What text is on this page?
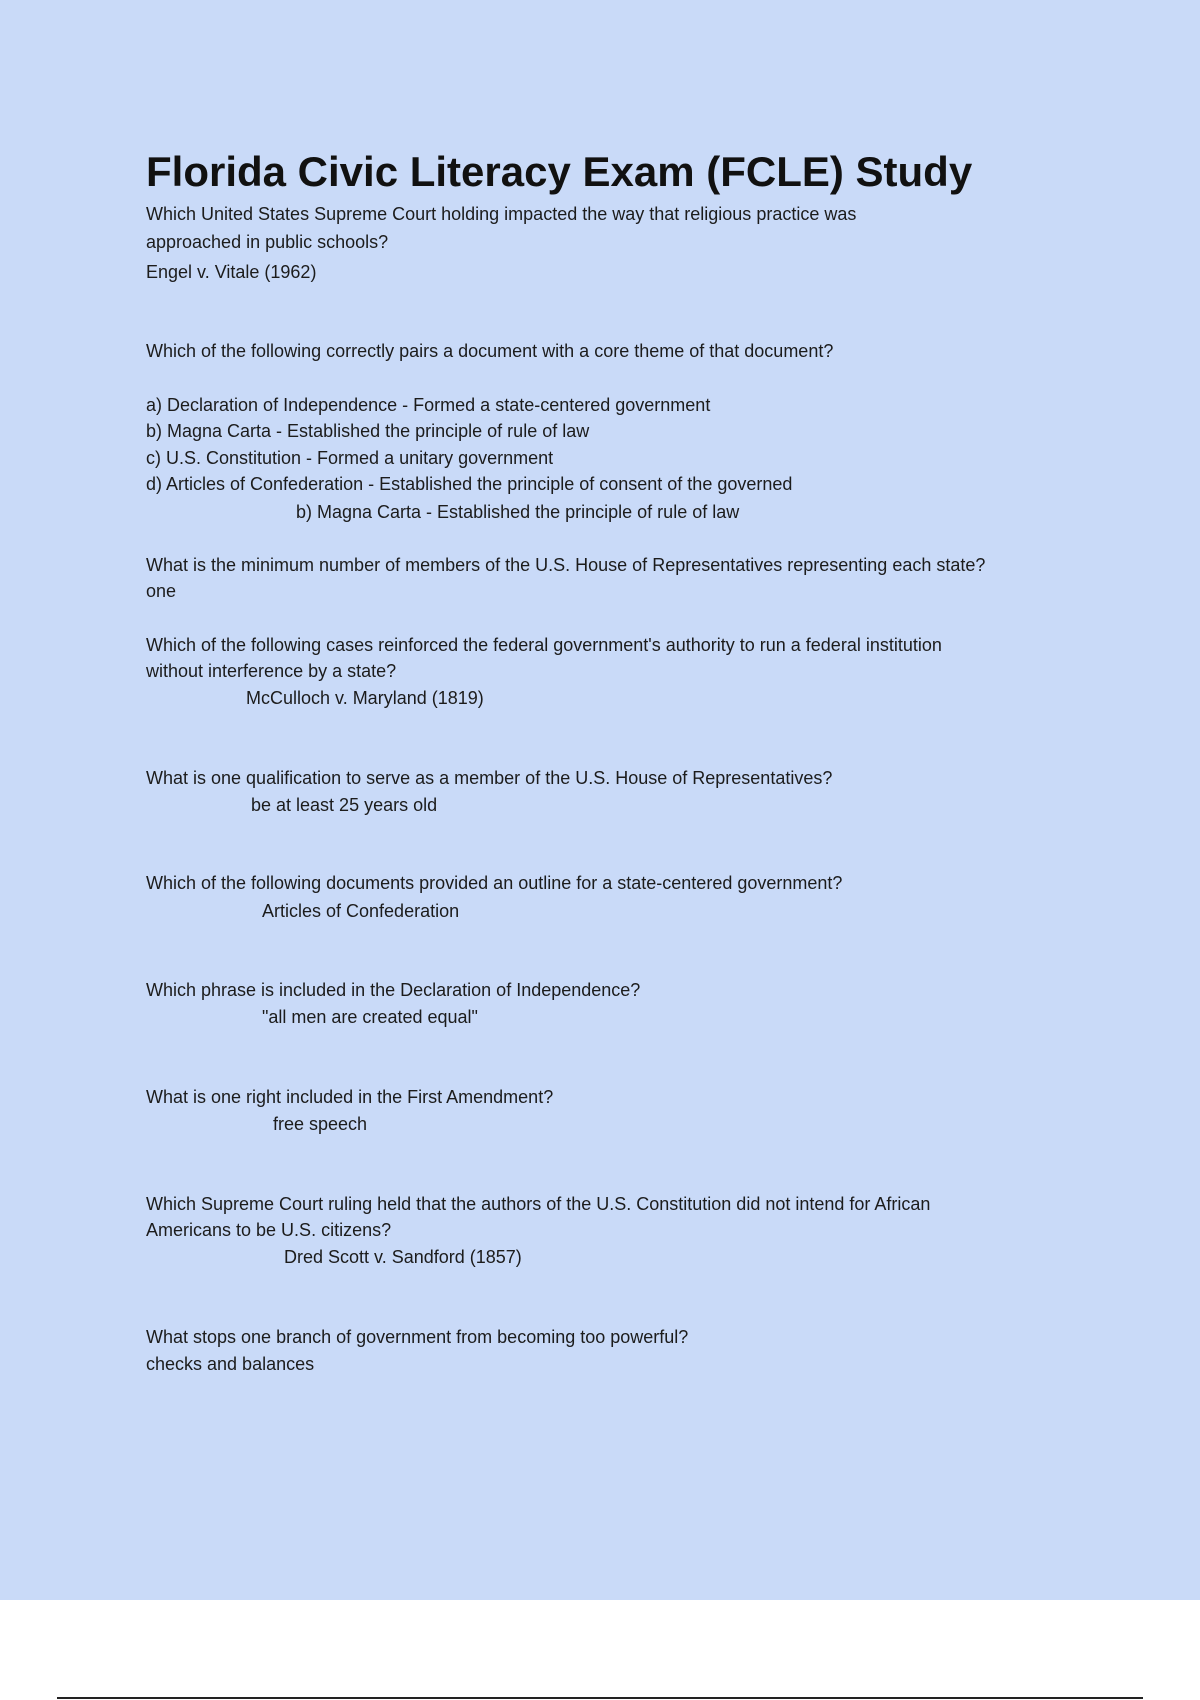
Florida Civic Literacy Exam (FCLE) Study
Which United States Supreme Court holding impacted the way that religious practice was
approached in public schools?
Engel v. Vitale (1962)
Which of the following correctly pairs a document with a core theme of that document?
a) Declaration of Independence - Formed a state-centered government
b) Magna Carta - Established the principle of rule of law
c) U.S. Constitution - Formed a unitary government
d) Articles of Confederation - Established the principle of consent of the governed
b) Magna Carta - Established the principle of rule of law
What is the minimum number of members of the U.S. House of Representatives representing each state?
one
Which of the following cases reinforced the federal government's authority to run a federal institution
without interference by a state?
McCulloch v. Maryland (1819)
What is one qualification to serve as a member of the U.S. House of Representatives?
be at least 25 years old
Which of the following documents provided an outline for a state-centered government?
Articles of Confederation
Which phrase is included in the Declaration of Independence?
"all men are created equal"
What is one right included in the First Amendment?
free speech
Which Supreme Court ruling held that the authors of the U.S. Constitution did not intend for African
Americans to be U.S. citizens?
Dred Scott v. Sandford (1857)
What stops one branch of government from becoming too powerful?
checks and balances
